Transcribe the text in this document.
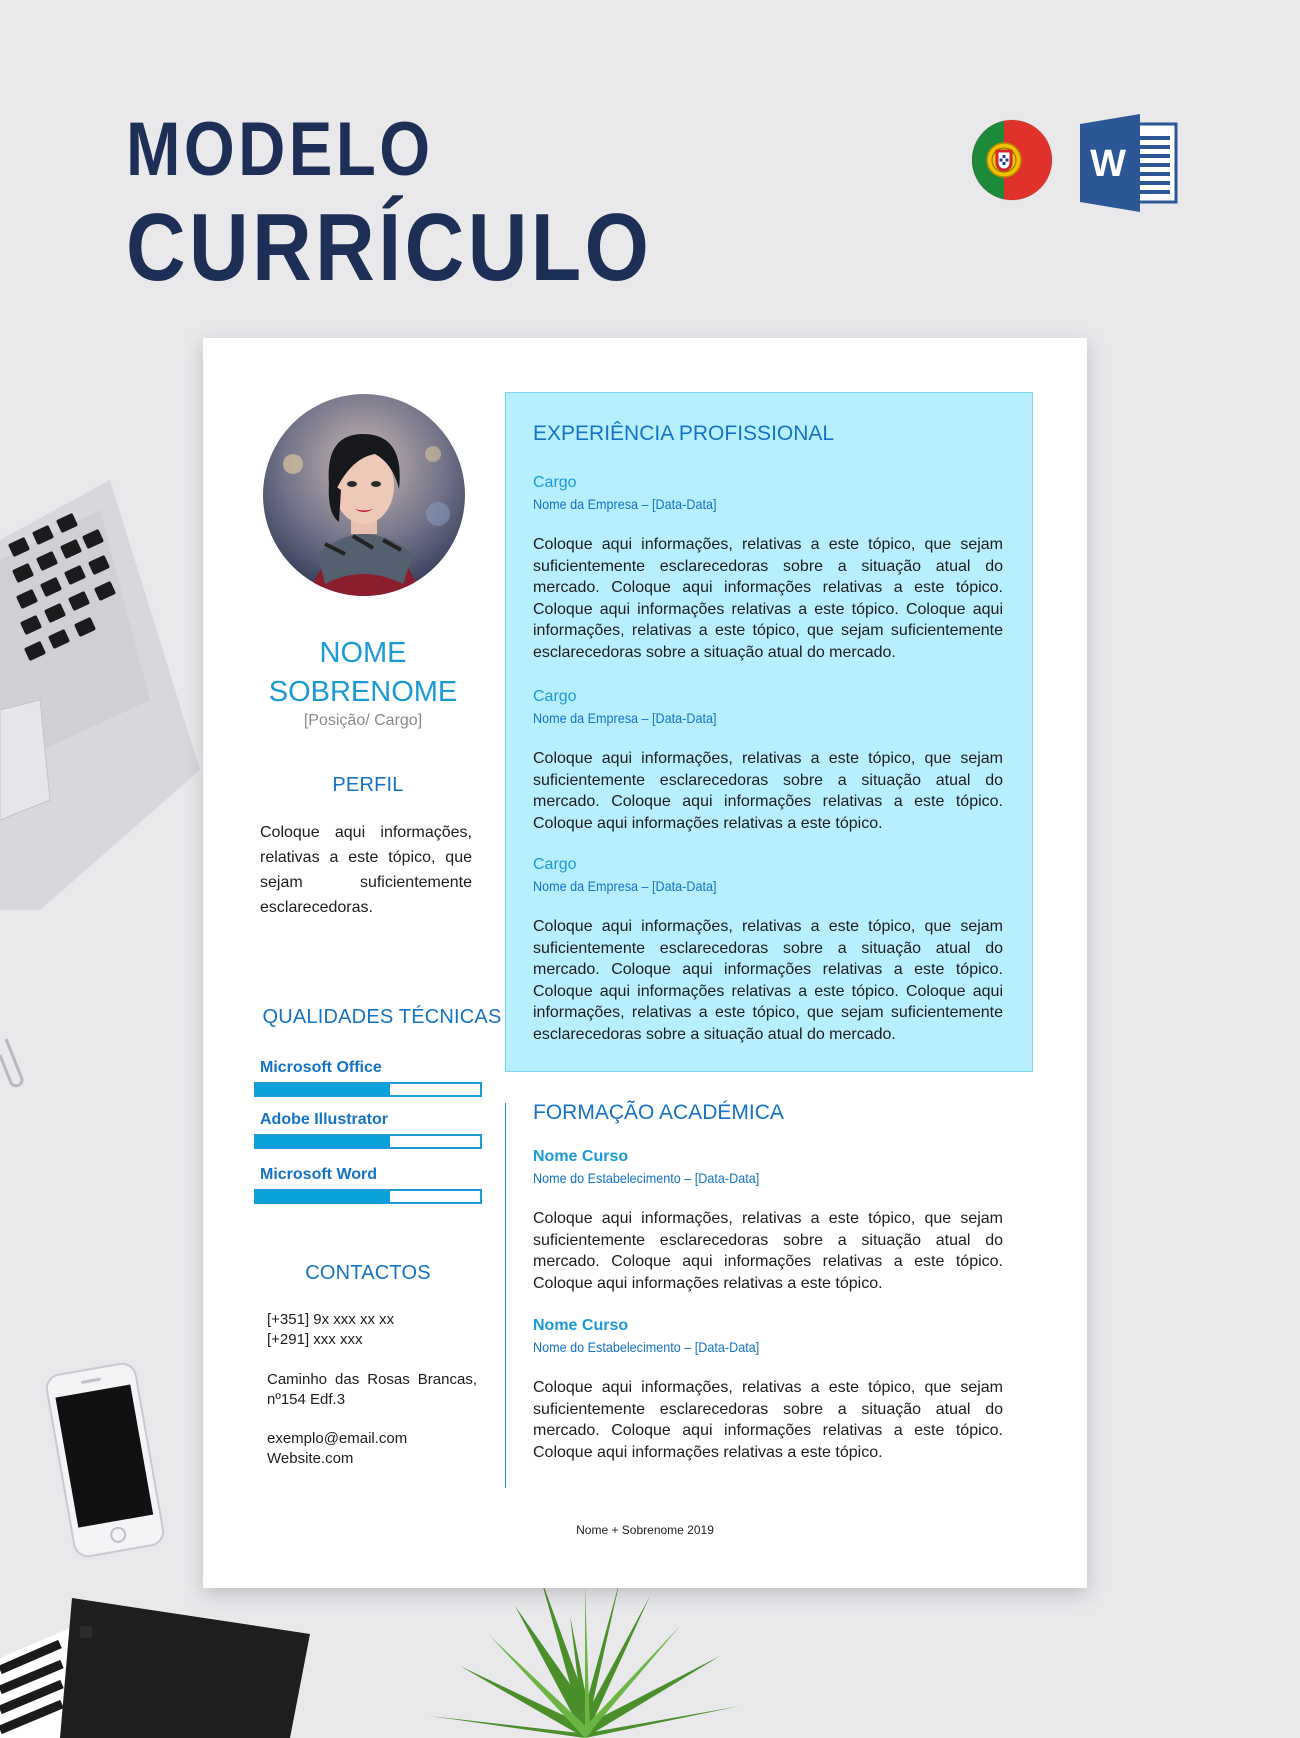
MODELO
CURRÍCULO
W
NOME
SOBRENOME
[Posição/ Cargo]
PERFIL
Coloque aqui informações, relativas a este tópico, que sejam suficientemente esclarecedoras.
QUALIDADES TÉCNICAS
Microsoft Office
Adobe Illustrator
Microsoft Word
CONTACTOS
[+351] 9x xxx xx xx
[+291] xxx xxx
Caminho das Rosas Brancas, nº154 Edf.3
exemplo@email.com
Website.com
EXPERIÊNCIA PROFISSIONAL
Cargo
Nome da Empresa – [Data-Data]
Coloque aqui informações, relativas a este tópico, que sejam suficientemente esclarecedoras sobre a situação atual do mercado. Coloque aqui informações relativas a este tópico. Coloque aqui informações relativas a este tópico. Coloque aqui informações, relativas a este tópico, que sejam suficientemente esclarecedoras sobre a situação atual do mercado.
Cargo
Nome da Empresa – [Data-Data]
Coloque aqui informações, relativas a este tópico, que sejam suficientemente esclarecedoras sobre a situação atual do mercado. Coloque aqui informações relativas a este tópico. Coloque aqui informações relativas a este tópico.
Cargo
Nome da Empresa – [Data-Data]
Coloque aqui informações, relativas a este tópico, que sejam suficientemente esclarecedoras sobre a situação atual do mercado. Coloque aqui informações relativas a este tópico. Coloque aqui informações relativas a este tópico. Coloque aqui informações, relativas a este tópico, que sejam suficientemente esclarecedoras sobre a situação atual do mercado.
FORMAÇÃO ACADÉMICA
Nome Curso
Nome do Estabelecimento – [Data-Data]
Coloque aqui informações, relativas a este tópico, que sejam suficientemente esclarecedoras sobre a situação atual do mercado. Coloque aqui informações relativas a este tópico. Coloque aqui informações relativas a este tópico.
Nome Curso
Nome do Estabelecimento – [Data-Data]
Coloque aqui informações, relativas a este tópico, que sejam suficientemente esclarecedoras sobre a situação atual do mercado. Coloque aqui informações relativas a este tópico. Coloque aqui informações relativas a este tópico.
Nome + Sobrenome 2019
